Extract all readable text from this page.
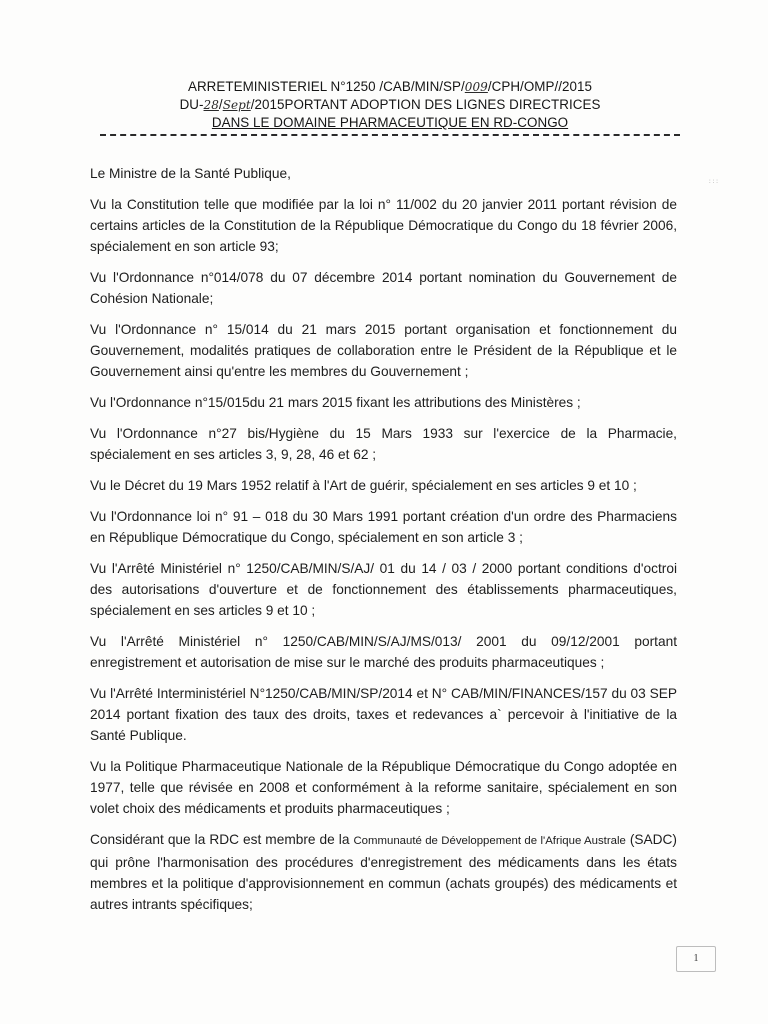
ARRETEMINISTERIEL N°1250 /CAB/MIN/SP/009/CPH/OMP//2015
DU-28/Sept/2015PORTANT ADOPTION DES LIGNES DIRECTRICES
DANS LE DOMAINE PHARMACEUTIQUE EN RD-CONGO
:::

Le Ministre de la Santé Publique,

Vu la Constitution telle que modifiée par la loi n° 11/002 du 20 janvier 2011 portant révision de certains articles de la Constitution de la République Démocratique du Congo du 18 février 2006, spécialement en son article 93;

Vu l'Ordonnance n°014/078 du 07 décembre 2014 portant nomination du Gouvernement de Cohésion Nationale;

Vu l'Ordonnance n° 15/014 du 21 mars 2015 portant organisation et fonctionnement du Gouvernement, modalités pratiques de collaboration entre le Président de la République et le Gouvernement ainsi qu'entre les membres du Gouvernement ;

Vu l'Ordonnance n°15/015du 21 mars 2015 fixant les attributions des Ministères ;

Vu l'Ordonnance n°27 bis/Hygiène du 15 Mars 1933 sur l'exercice de la Pharmacie, spécialement en ses articles 3, 9, 28, 46 et 62 ;

Vu le Décret du 19 Mars 1952 relatif à l'Art de guérir, spécialement en ses articles 9 et 10 ;

Vu l'Ordonnance loi n° 91 – 018 du 30 Mars 1991 portant création d'un ordre des Pharmaciens en République Démocratique du Congo, spécialement en son article 3 ;

Vu l'Arrêté Ministériel n° 1250/CAB/MIN/S/AJ/ 01 du 14 / 03 / 2000 portant conditions d'octroi des autorisations d'ouverture et de fonctionnement des établissements pharmaceutiques, spécialement en ses articles 9 et 10 ;

Vu l'Arrêté Ministériel n° 1250/CAB/MIN/S/AJ/MS/013/ 2001 du 09/12/2001 portant enregistrement et autorisation de mise sur le marché des produits pharmaceutiques ;

Vu l'Arrêté Interministériel N°1250/CAB/MIN/SP/2014 et N° CAB/MIN/FINANCES/157 du 03 SEP 2014 portant fixation des taux des droits, taxes et redevances a` percevoir à l'initiative de la Santé Publique.

Vu la Politique Pharmaceutique Nationale de la République Démocratique du Congo adoptée en 1977, telle que révisée en 2008 et conformément à la reforme sanitaire, spécialement en son volet choix des médicaments et produits pharmaceutiques ;

Considérant que la RDC est membre de la Communauté de Développement de l'Afrique Australe (SADC) qui prône l'harmonisation des procédures d'enregistrement des médicaments dans les états membres et la politique d'approvisionnement en commun (achats groupés) des médicaments et autres intrants spécifiques;

1
